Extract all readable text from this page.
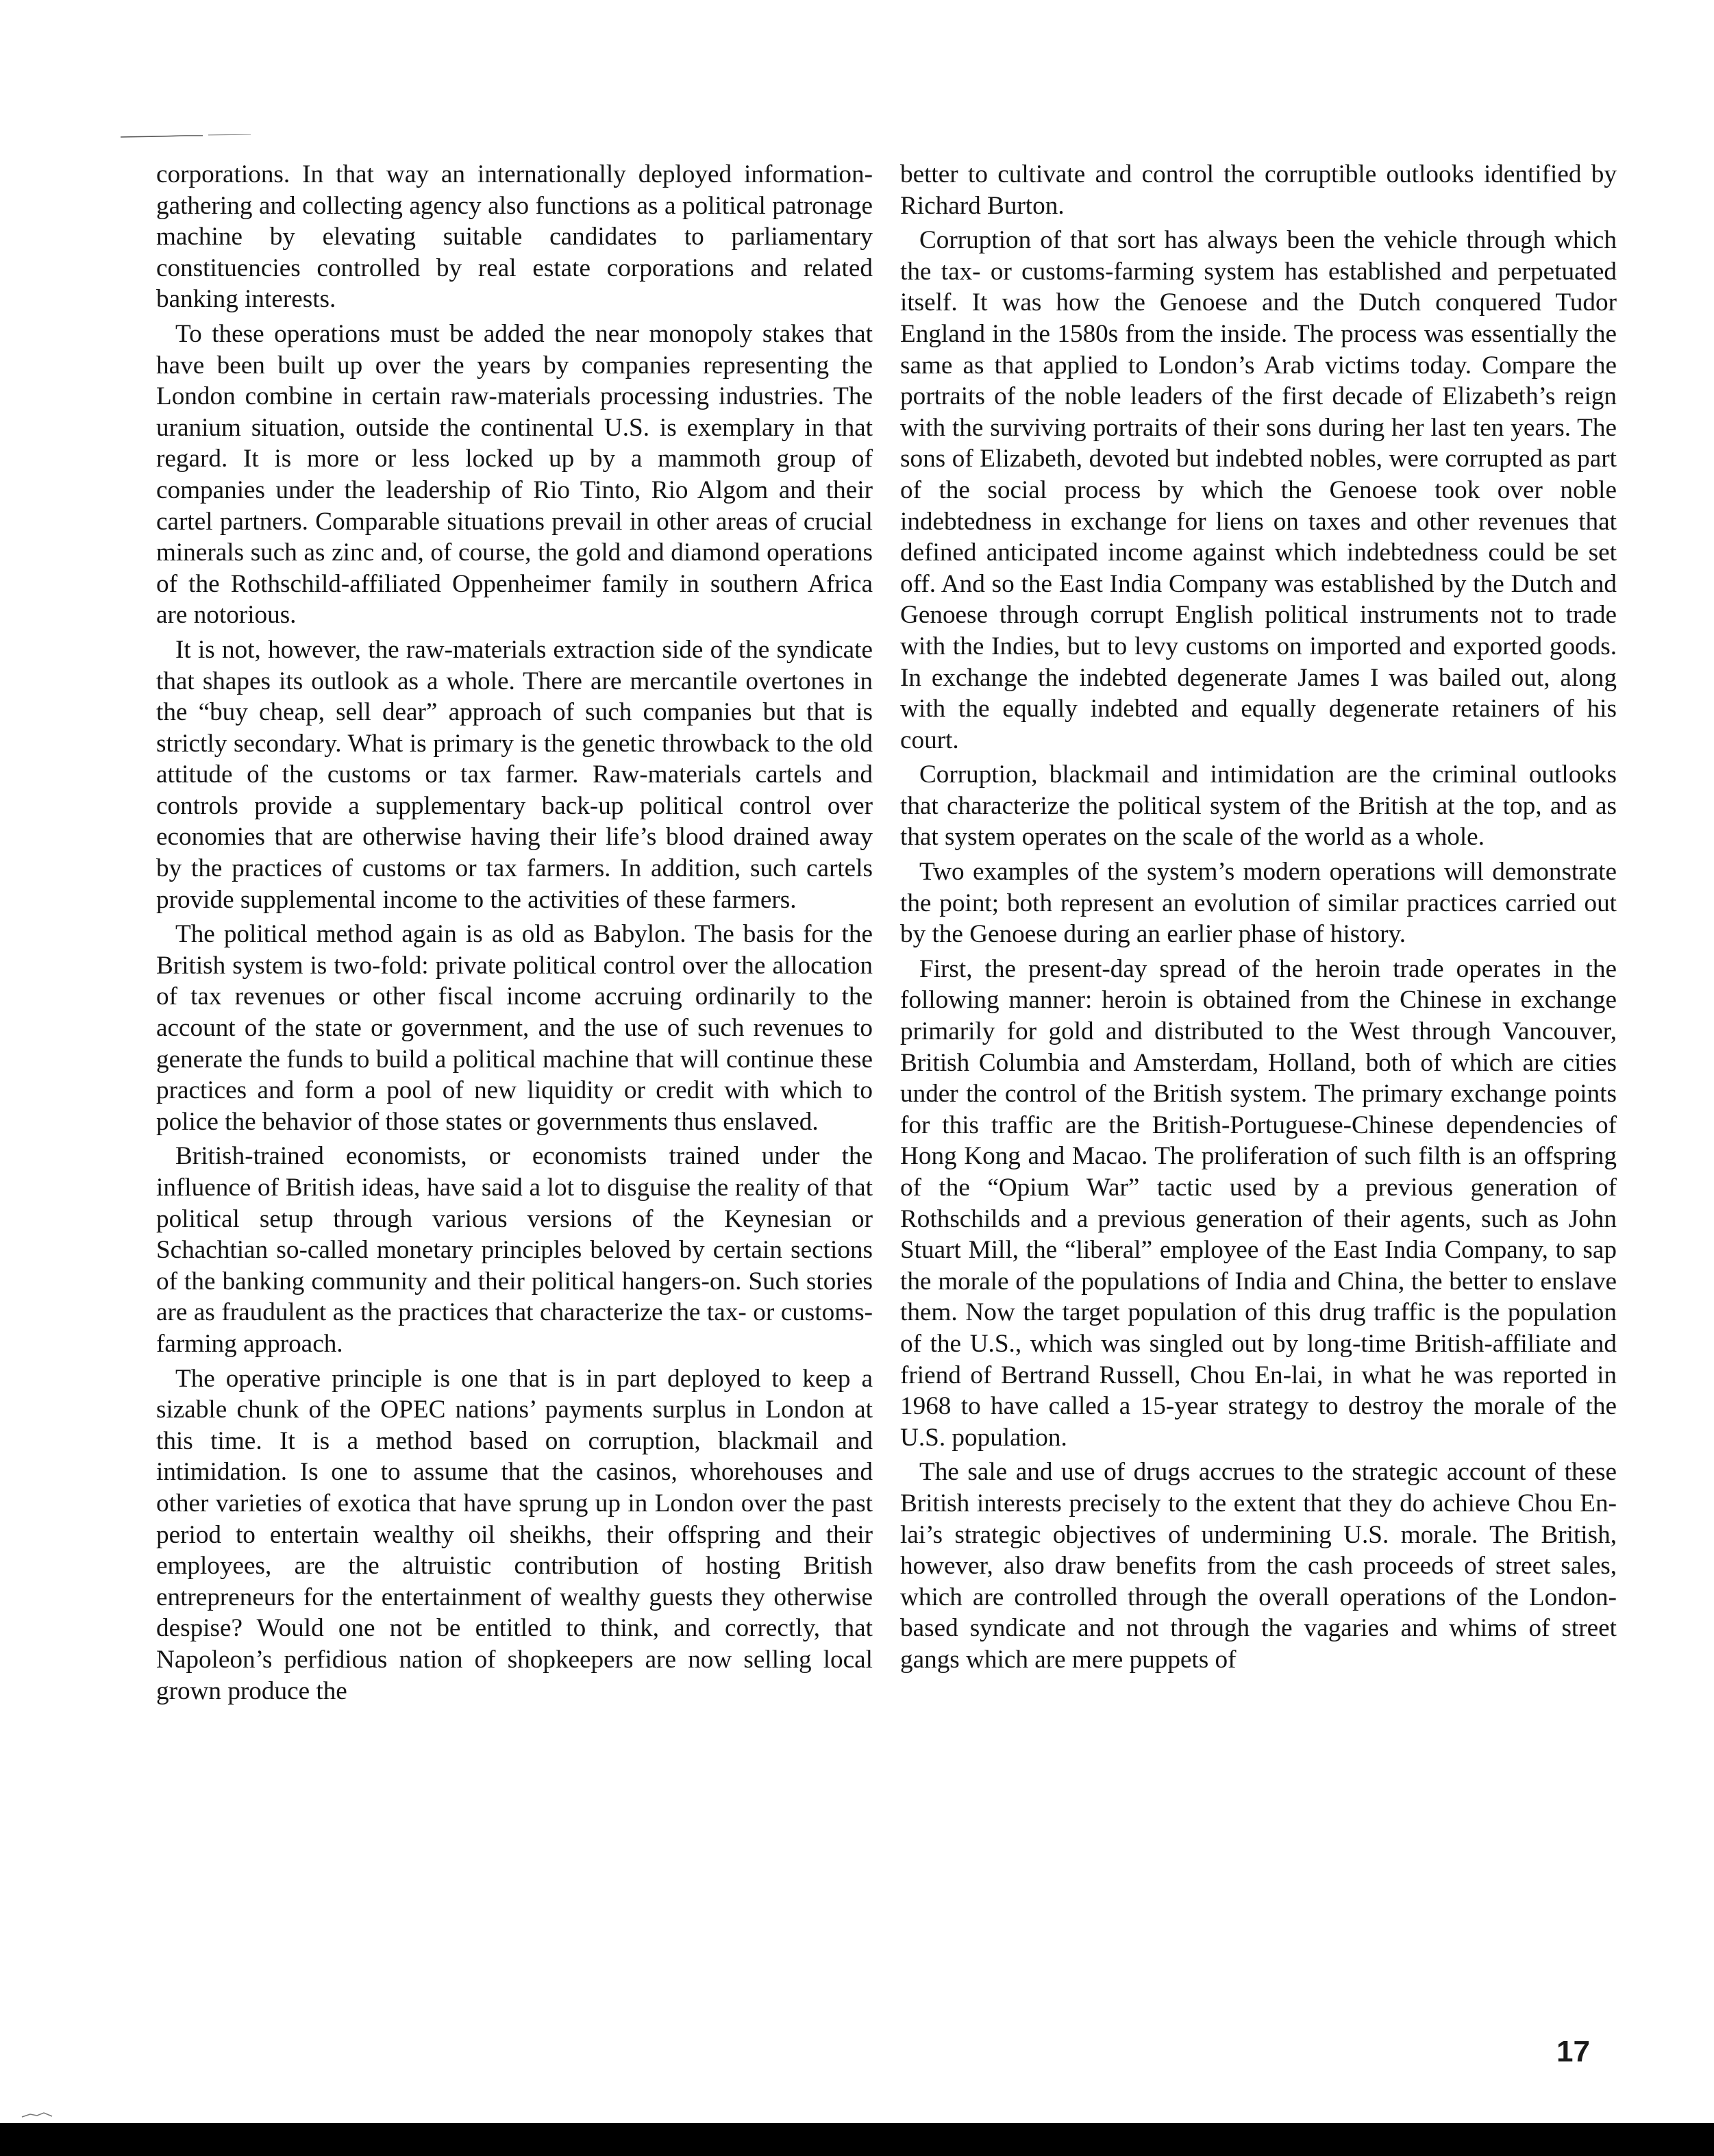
corporations. In that way an internationally deployed information-gathering and collecting agency also functions as a political patronage machine by elevating suitable candidates to parliamentary constituencies controlled by real estate corporations and related banking interests.

To these operations must be added the near monopoly stakes that have been built up over the years by companies representing the London combine in certain raw-materials processing industries. The uranium situation, outside the continental U.S. is exemplary in that regard. It is more or less locked up by a mammoth group of companies under the leadership of Rio Tinto, Rio Algom and their cartel partners. Comparable situations prevail in other areas of crucial minerals such as zinc and, of course, the gold and diamond operations of the Rothschild-affiliated Oppenheimer family in southern Africa are notorious.

It is not, however, the raw-materials extraction side of the syndicate that shapes its outlook as a whole. There are mercantile overtones in the “buy cheap, sell dear” approach of such companies but that is strictly secondary. What is primary is the genetic throwback to the old attitude of the customs or tax farmer. Raw-materials cartels and controls provide a supplementary back-up political control over economies that are otherwise having their life’s blood drained away by the practices of customs or tax farmers. In addition, such cartels provide supplemental income to the activities of these farmers.

The political method again is as old as Babylon. The basis for the British system is two-fold: private political control over the allocation of tax revenues or other fiscal income accruing ordinarily to the account of the state or government, and the use of such revenues to generate the funds to build a political machine that will continue these practices and form a pool of new liquidity or credit with which to police the behavior of those states or governments thus enslaved.

British-trained economists, or economists trained under the influence of British ideas, have said a lot to disguise the reality of that political setup through various versions of the Keynesian or Schachtian so-called monetary principles beloved by certain sections of the banking community and their political hangers-on. Such stories are as fraudulent as the practices that characterize the tax- or customs-farming approach.

The operative principle is one that is in part deployed to keep a sizable chunk of the OPEC nations’ payments surplus in London at this time. It is a method based on corruption, blackmail and intimidation. Is one to assume that the casinos, whorehouses and other varieties of exotica that have sprung up in London over the past period to entertain wealthy oil sheikhs, their offspring and their employees, are the altruistic contribution of hosting British entrepreneurs for the entertainment of wealthy guests they otherwise despise? Would one not be entitled to think, and correctly, that Napoleon’s perfidious nation of shopkeepers are now selling local grown produce the

better to cultivate and control the corruptible outlooks identified by Richard Burton.

Corruption of that sort has always been the vehicle through which the tax- or customs-farming system has established and perpetuated itself. It was how the Genoese and the Dutch conquered Tudor England in the 1580s from the inside. The process was essentially the same as that applied to London’s Arab victims today. Compare the portraits of the noble leaders of the first decade of Elizabeth’s reign with the surviving portraits of their sons during her last ten years. The sons of Elizabeth, devoted but indebted nobles, were corrupted as part of the social process by which the Genoese took over noble indebtedness in exchange for liens on taxes and other revenues that defined anticipated income against which indebtedness could be set off. And so the East India Company was established by the Dutch and Genoese through corrupt English political instruments not to trade with the Indies, but to levy customs on imported and exported goods. In exchange the indebted degenerate James I was bailed out, along with the equally indebted and equally degenerate retainers of his court.

Corruption, blackmail and intimidation are the criminal outlooks that characterize the political system of the British at the top, and as that system operates on the scale of the world as a whole.

Two examples of the system’s modern operations will demonstrate the point; both represent an evolution of similar practices carried out by the Genoese during an earlier phase of history.

First, the present-day spread of the heroin trade operates in the following manner: heroin is obtained from the Chinese in exchange primarily for gold and distributed to the West through Vancouver, British Columbia and Amsterdam, Holland, both of which are cities under the control of the British system. The primary exchange points for this traffic are the British-Portuguese-Chinese dependencies of Hong Kong and Macao. The proliferation of such filth is an offspring of the “Opium War” tactic used by a previous generation of Rothschilds and a previous generation of their agents, such as John Stuart Mill, the “liberal” employee of the East India Company, to sap the morale of the populations of India and China, the better to enslave them. Now the target population of this drug traffic is the population of the U.S., which was singled out by long-time British-affiliate and friend of Bertrand Russell, Chou En-lai, in what he was reported in 1968 to have called a 15-year strategy to destroy the morale of the U.S. population.

The sale and use of drugs accrues to the strategic account of these British interests precisely to the extent that they do achieve Chou En-lai’s strategic objectives of undermining U.S. morale. The British, however, also draw benefits from the cash proceeds of street sales, which are controlled through the overall operations of the London-based syndicate and not through the vagaries and whims of street gangs which are mere puppets of

17
